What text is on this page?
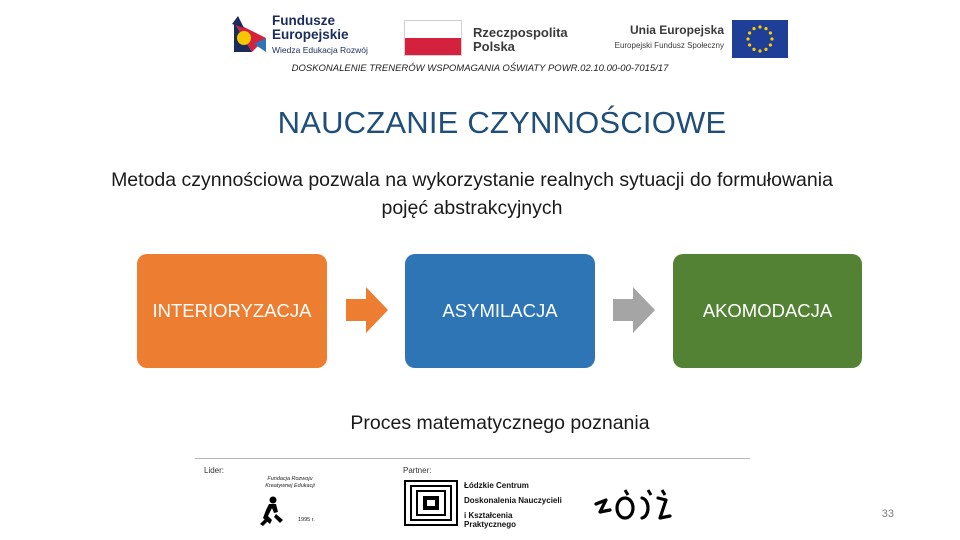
Fundusze
Europejskie
Wiedza Edukacja Rozwój
Rzeczpospolita
Polska
Unia Europejska
Europejski Fundusz Społeczny
DOSKONALENIE TRENERÓW WSPOMAGANIA OŚWIATY POWR.02.10.00-00-7015/17
NAUCZANIE CZYNNOŚCIOWE
Metoda czynnościowa pozwala na wykorzystanie realnych sytuacji do formułowania pojęć abstrakcyjnych
INTERIORYZACJA	ASYMILACJA	AKOMODACJA
Proces matematycznego poznania
Lider:	Partner:
Fundacja Rozwoju Kreatywnej Edukacji
1995 r.
Łódzkie Centrum
Doskonalenia Nauczycieli
i Kształcenia Praktycznego
33
